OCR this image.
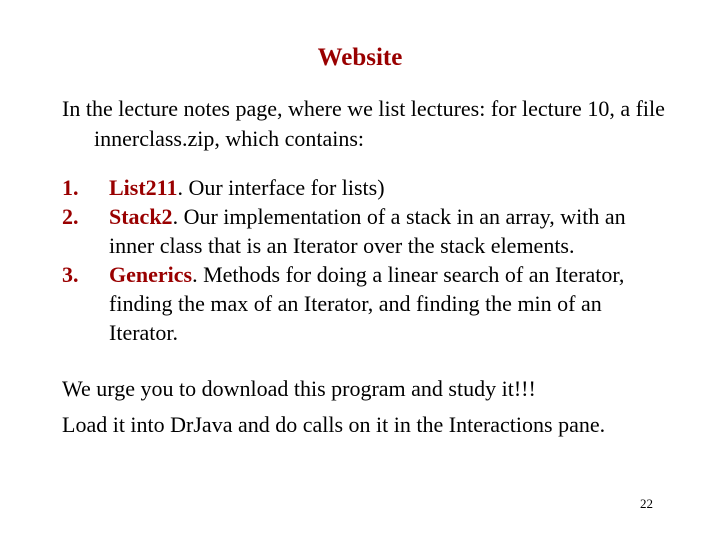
Website

In the lecture notes page, where we list lectures: for lecture 10, a file innerclass.zip, which contains:

1. List211. Our interface for lists)
2. Stack2. Our implementation of a stack in an array, with an inner class that is an Iterator over the stack elements.
3. Generics. Methods for doing a linear search of an Iterator, finding the max of an Iterator, and finding the min of an Iterator.

We urge you to download this program and study it!!!

Load it into DrJava and do calls on it in the Interactions pane.

22
